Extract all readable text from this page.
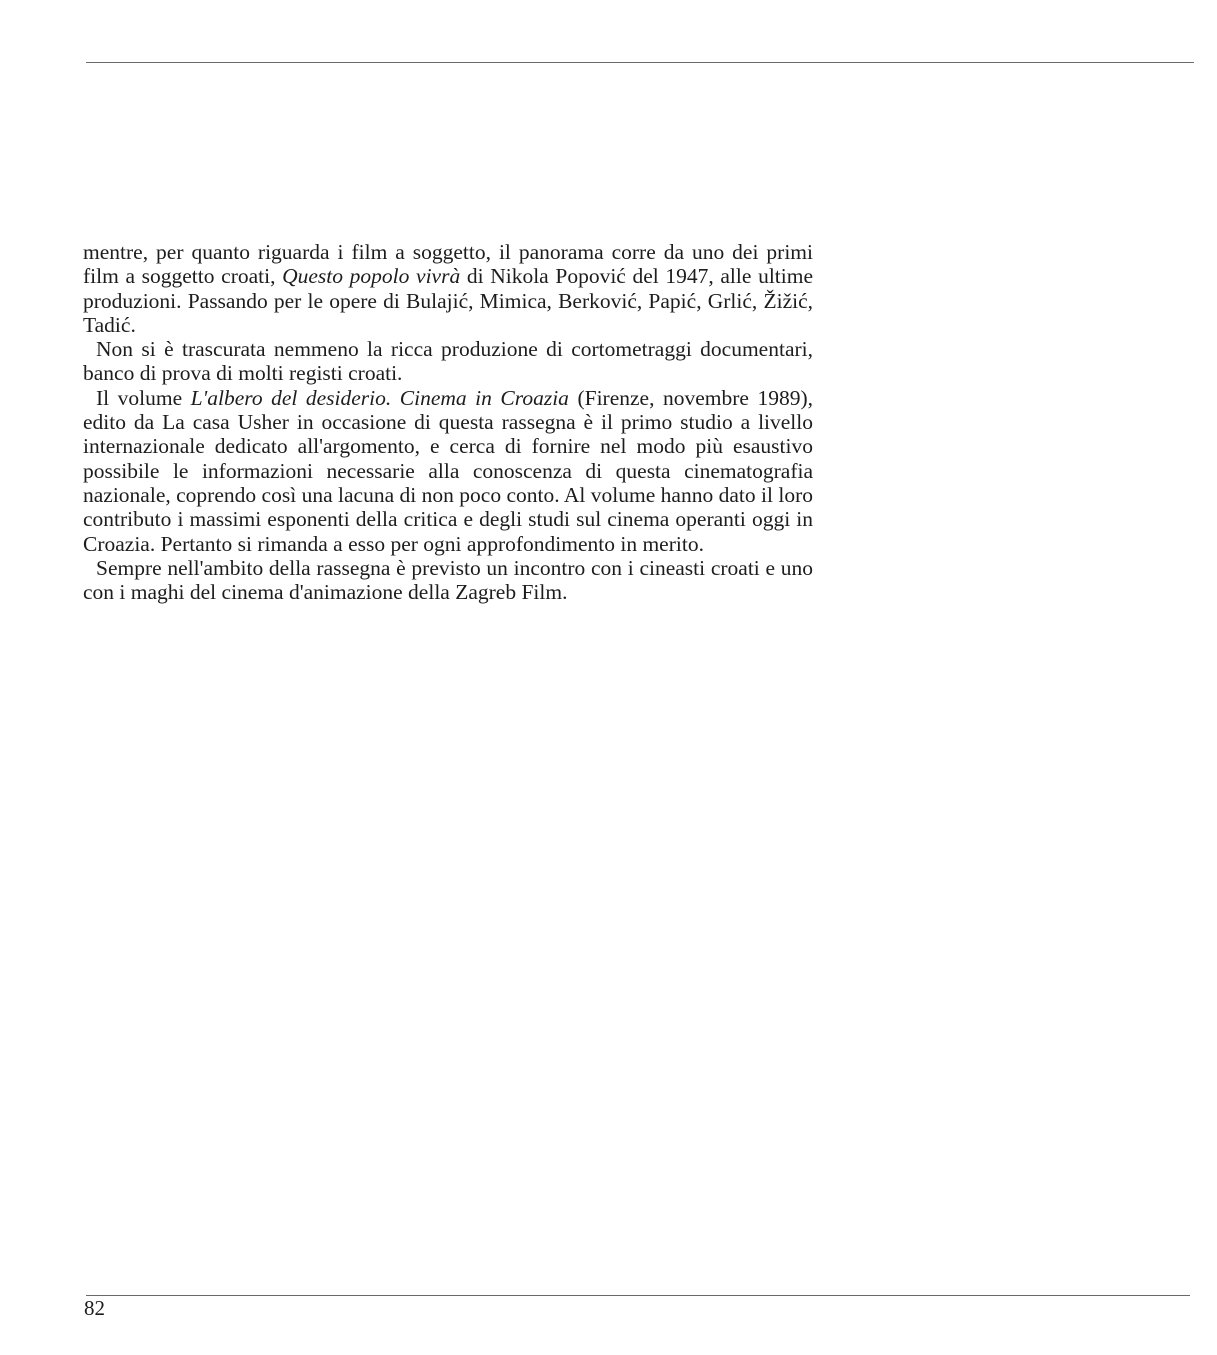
mentre, per quanto riguarda i film a soggetto, il panorama corre da uno dei primi film a soggetto croati, Questo popolo vivrà di Nikola Popović del 1947, alle ultime produzioni. Passando per le opere di Bulajić, Mimica, Berković, Papić, Grlić, Žižić, Tadić.

Non si è trascurata nemmeno la ricca produzione di cortometraggi documentari, banco di prova di molti registi croati.

Il volume L'albero del desiderio. Cinema in Croazia (Firenze, novembre 1989), edito da La casa Usher in occasione di questa rassegna è il primo studio a livello internazionale dedicato all'argomento, e cerca di fornire nel modo più esaustivo possibile le informazioni necessarie alla conoscenza di questa cinematografia nazionale, coprendo così una lacuna di non poco conto. Al volume hanno dato il loro contributo i massimi esponenti della critica e degli studi sul cinema operanti oggi in Croazia. Pertanto si rimanda a esso per ogni approfondimento in merito.

Sempre nell'ambito della rassegna è previsto un incontro con i cineasti croati e uno con i maghi del cinema d'animazione della Zagreb Film.

82
